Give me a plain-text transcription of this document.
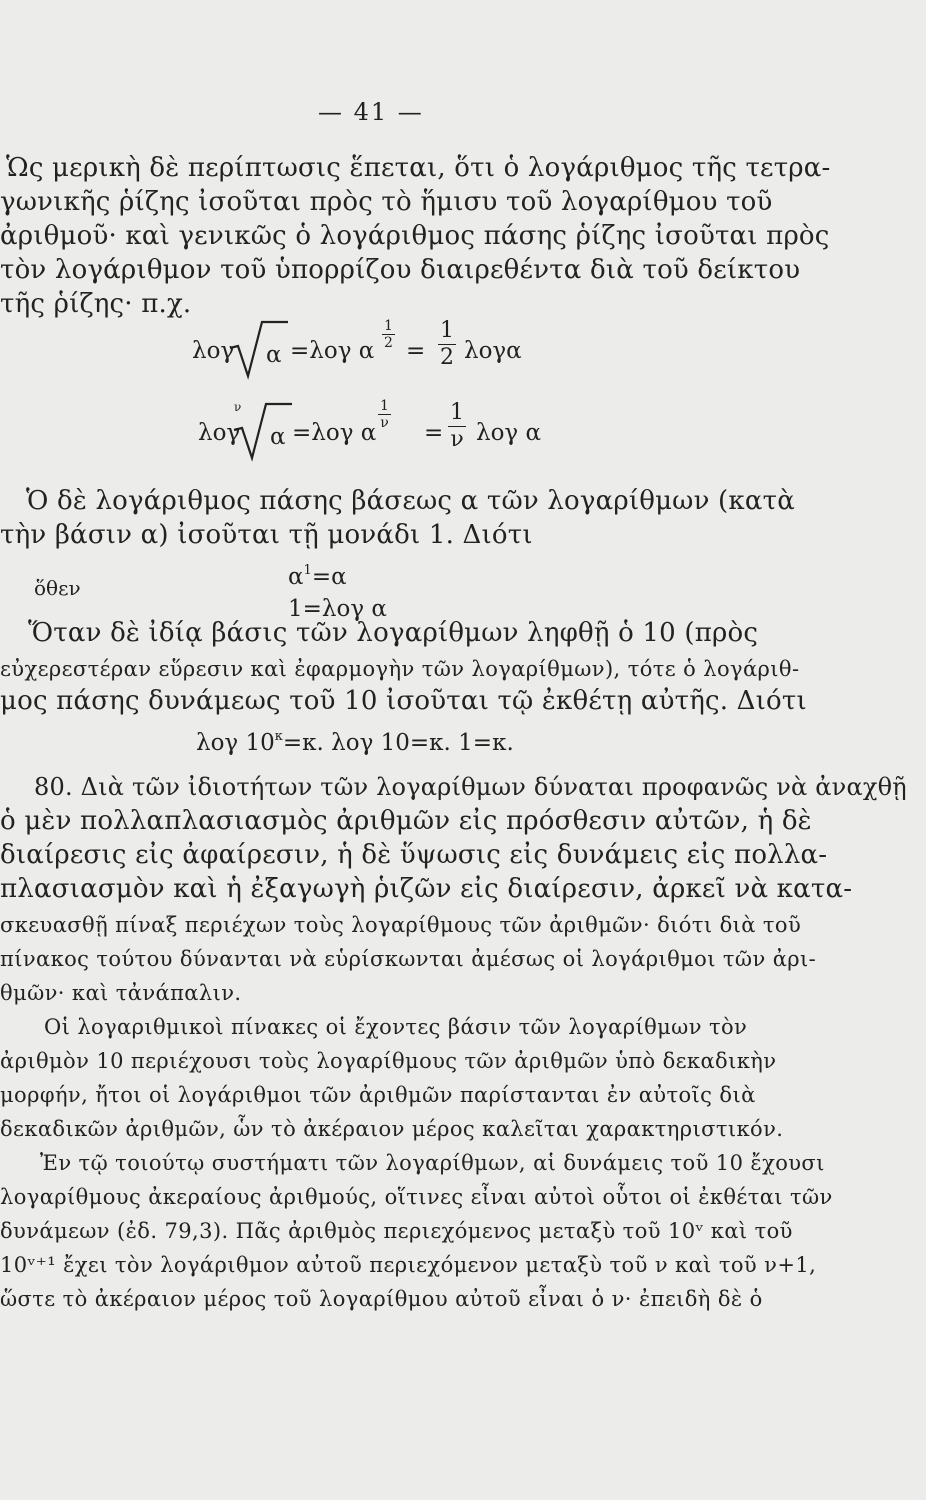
— 41 —
Ὡς μερικὴ δὲ περίπτωσις ἕπεται, ὅτι ὁ λογάριθμος τῆς τετρα-
γωνικῆς ῥίζης ἰσοῦται πρὸς τὸ ἥμισυ τοῦ λογαρίθμου τοῦ
ἀριθμοῦ· καὶ γενικῶς ὁ λογάριθμος πάσης ῥίζης ἰσοῦται πρὸς
τὸν λογάριθμον τοῦ ὑπορρίζου διαιρεθέντα διὰ τοῦ δείκτου
τῆς ῥίζης· π.χ.
λογ α =λογ α $\frac{1}{2} = \frac{1}{2}$ λογα
λογ
ν
α =λογ α
$\frac{1}{\nu}$
= $\frac{1}{\nu}$ λογ α
Ὁ δὲ λογάριθμος πάσης βάσεως α τῶν λογαρίθμων (κατὰ
τὴν βάσιν α) ἰσοῦται τῇ μονάδι 1. Διότι
ὅθεν	$\alpha^1=\alpha$
1=λογ α
Ὅταν δὲ ἰδίᾳ βάσις τῶν λογαρίθμων ληφθῇ ὁ 10 (πρὸς
εὐχερεστέραν εὕρεσιν καὶ ἐφαρμογὴν τῶν λογαρίθμων), τότε ὁ λογάριθ-
μος πάσης δυνάμεως τοῦ 10 ἰσοῦται τῷ ἐκθέτῃ αὐτῆς. Διότι
λογ $10^\kappa=\kappa$. λογ 10=κ. 1=κ.
80. Διὰ τῶν ἰδιοτήτων τῶν λογαρίθμων δύναται προφανῶς νὰ ἀναχθῇ
ὁ μὲν πολλαπλασιασμὸς ἀριθμῶν εἰς πρόσθεσιν αὐτῶν, ἡ δὲ
διαίρεσις εἰς ἀφαίρεσιν, ἡ δὲ ὕψωσις εἰς δυνάμεις εἰς πολλα-
πλασιασμὸν καὶ ἡ ἐξαγωγὴ ῥιζῶν εἰς διαίρεσιν, ἀρκεῖ νὰ κατα-
σκευασθῇ πίναξ περιέχων τοὺς λογαρίθμους τῶν ἀριθμῶν· διότι διὰ τοῦ
πίνακος τούτου δύνανται νὰ εὑρίσκωνται ἀμέσως οἱ λογάριθμοι τῶν ἀρι-
θμῶν· καὶ τἀνάπαλιν.
Οἱ λογαριθμικοὶ πίνακες οἱ ἔχοντες βάσιν τῶν λογαρίθμων τὸν
ἀριθμὸν 10 περιέχουσι τοὺς λογαρίθμους τῶν ἀριθμῶν ὑπὸ δεκαδικὴν
μορφήν, ἤτοι οἱ λογάριθμοι τῶν ἀριθμῶν παρίστανται ἐν αὐτοῖς διὰ
δεκαδικῶν ἀριθμῶν, ὧν τὸ ἀκέραιον μέρος καλεῖται χαρακτηριστικόν.
Ἐν τῷ τοιούτῳ συστήματι τῶν λογαρίθμων, αἱ δυνάμεις τοῦ 10 ἔχουσι
λογαρίθμους ἀκεραίους ἀριθμούς, οἵτινες εἶναι αὐτοὶ οὗτοι οἱ ἐκθέται τῶν
δυνάμεων (ἐδ. 79,3). Πᾶς ἀριθμὸς περιεχόμενος μεταξὺ τοῦ 10ᵛ καὶ τοῦ
10ᵛ⁺¹ ἔχει τὸν λογάριθμον αὐτοῦ περιεχόμενον μεταξὺ τοῦ ν καὶ τοῦ ν+1,
ὥστε τὸ ἀκέραιον μέρος τοῦ λογαρίθμου αὐτοῦ εἶναι ὁ ν· ἐπειδὴ δὲ ὁ
